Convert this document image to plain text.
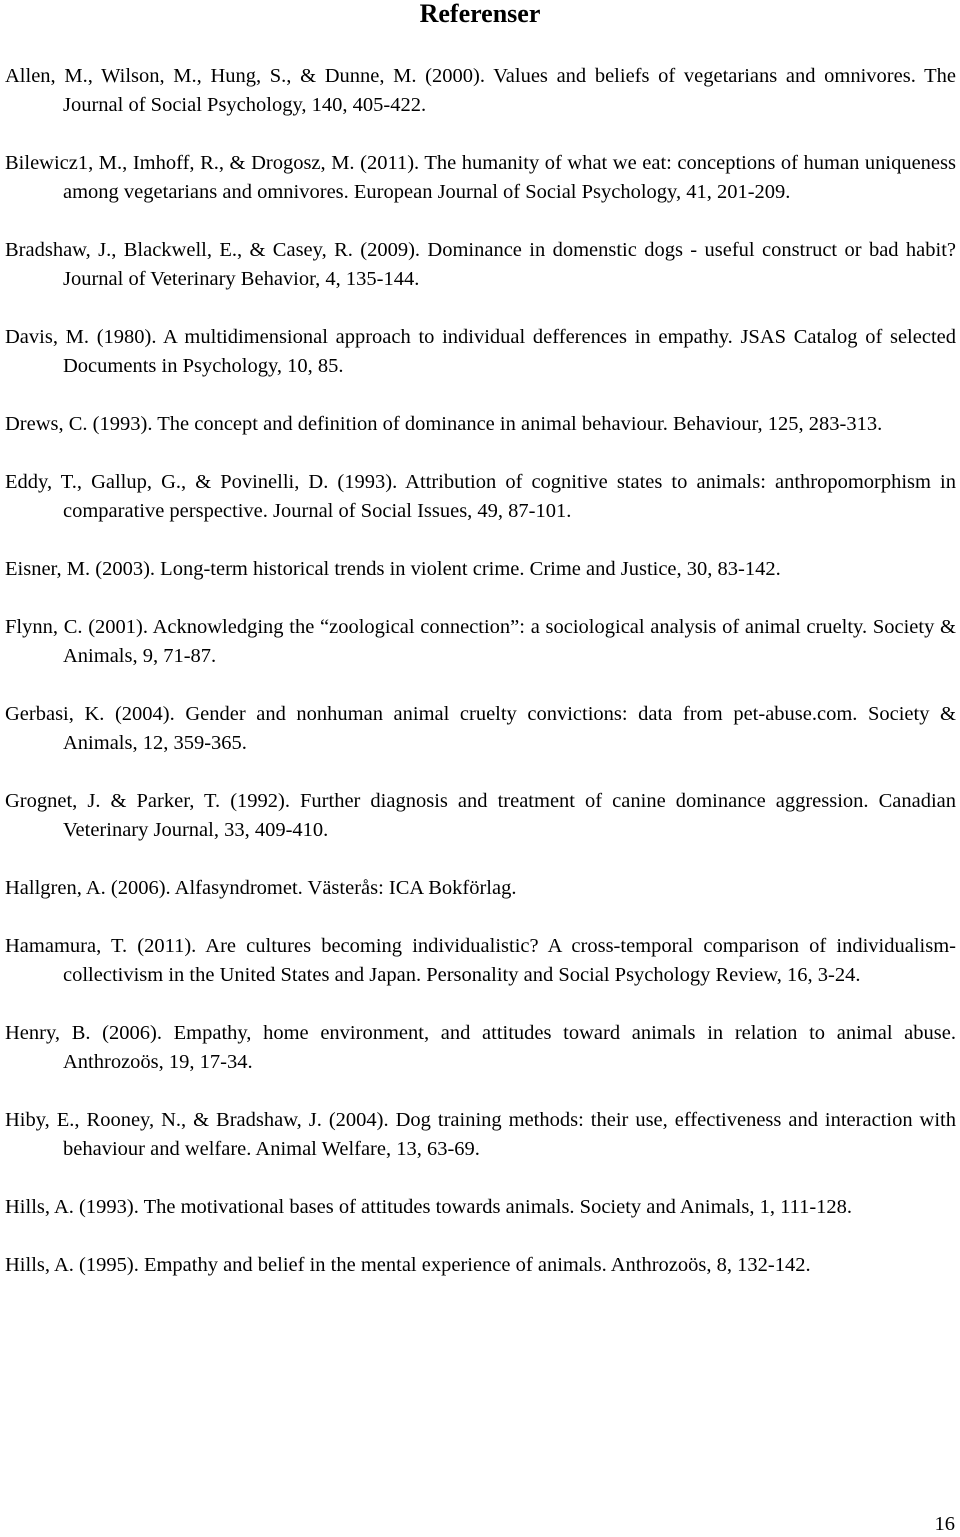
Referenser
Allen, M., Wilson, M., Hung, S., & Dunne, M. (2000). Values and beliefs of vegetarians and omnivores. The Journal of Social Psychology, 140, 405-422.
Bilewicz1, M., Imhoff, R., & Drogosz, M. (2011). The humanity of what we eat: conceptions of human uniqueness among vegetarians and omnivores. European Journal of Social Psychology, 41, 201-209.
Bradshaw, J., Blackwell, E., & Casey, R. (2009). Dominance in domenstic dogs - useful construct or bad habit? Journal of Veterinary Behavior, 4, 135-144.
Davis, M. (1980). A multidimensional approach to individual defferences in empathy. JSAS Catalog of selected Documents in Psychology, 10, 85.
Drews, C. (1993). The concept and definition of dominance in animal behaviour. Behaviour, 125, 283-313.
Eddy, T., Gallup, G., & Povinelli, D. (1993). Attribution of cognitive states to animals: anthropomorphism in comparative perspective. Journal of Social Issues, 49, 87-101.
Eisner, M. (2003). Long-term historical trends in violent crime. Crime and Justice, 30, 83-142.
Flynn, C. (2001). Acknowledging the “zoological connection”: a sociological analysis of animal cruelty. Society & Animals, 9, 71-87.
Gerbasi, K. (2004). Gender and nonhuman animal cruelty convictions: data from pet-abuse.com. Society & Animals, 12, 359-365.
Grognet, J. & Parker, T. (1992). Further diagnosis and treatment of canine dominance aggression. Canadian Veterinary Journal, 33, 409-410.
Hallgren, A. (2006). Alfasyndromet. Västerås: ICA Bokförlag.
Hamamura, T. (2011). Are cultures becoming individualistic? A cross-temporal comparison of individualism-collectivism in the United States and Japan. Personality and Social Psychology Review, 16, 3-24.
Henry, B. (2006). Empathy, home environment, and attitudes toward animals in relation to animal abuse. Anthrozoös, 19, 17-34.
Hiby, E., Rooney, N., & Bradshaw, J. (2004). Dog training methods: their use, effectiveness and interaction with behaviour and welfare. Animal Welfare, 13, 63-69.
Hills, A. (1993). The motivational bases of attitudes towards animals. Society and Animals, 1, 111-128.
Hills, A. (1995). Empathy and belief in the mental experience of animals. Anthrozoös, 8, 132-142.
16
